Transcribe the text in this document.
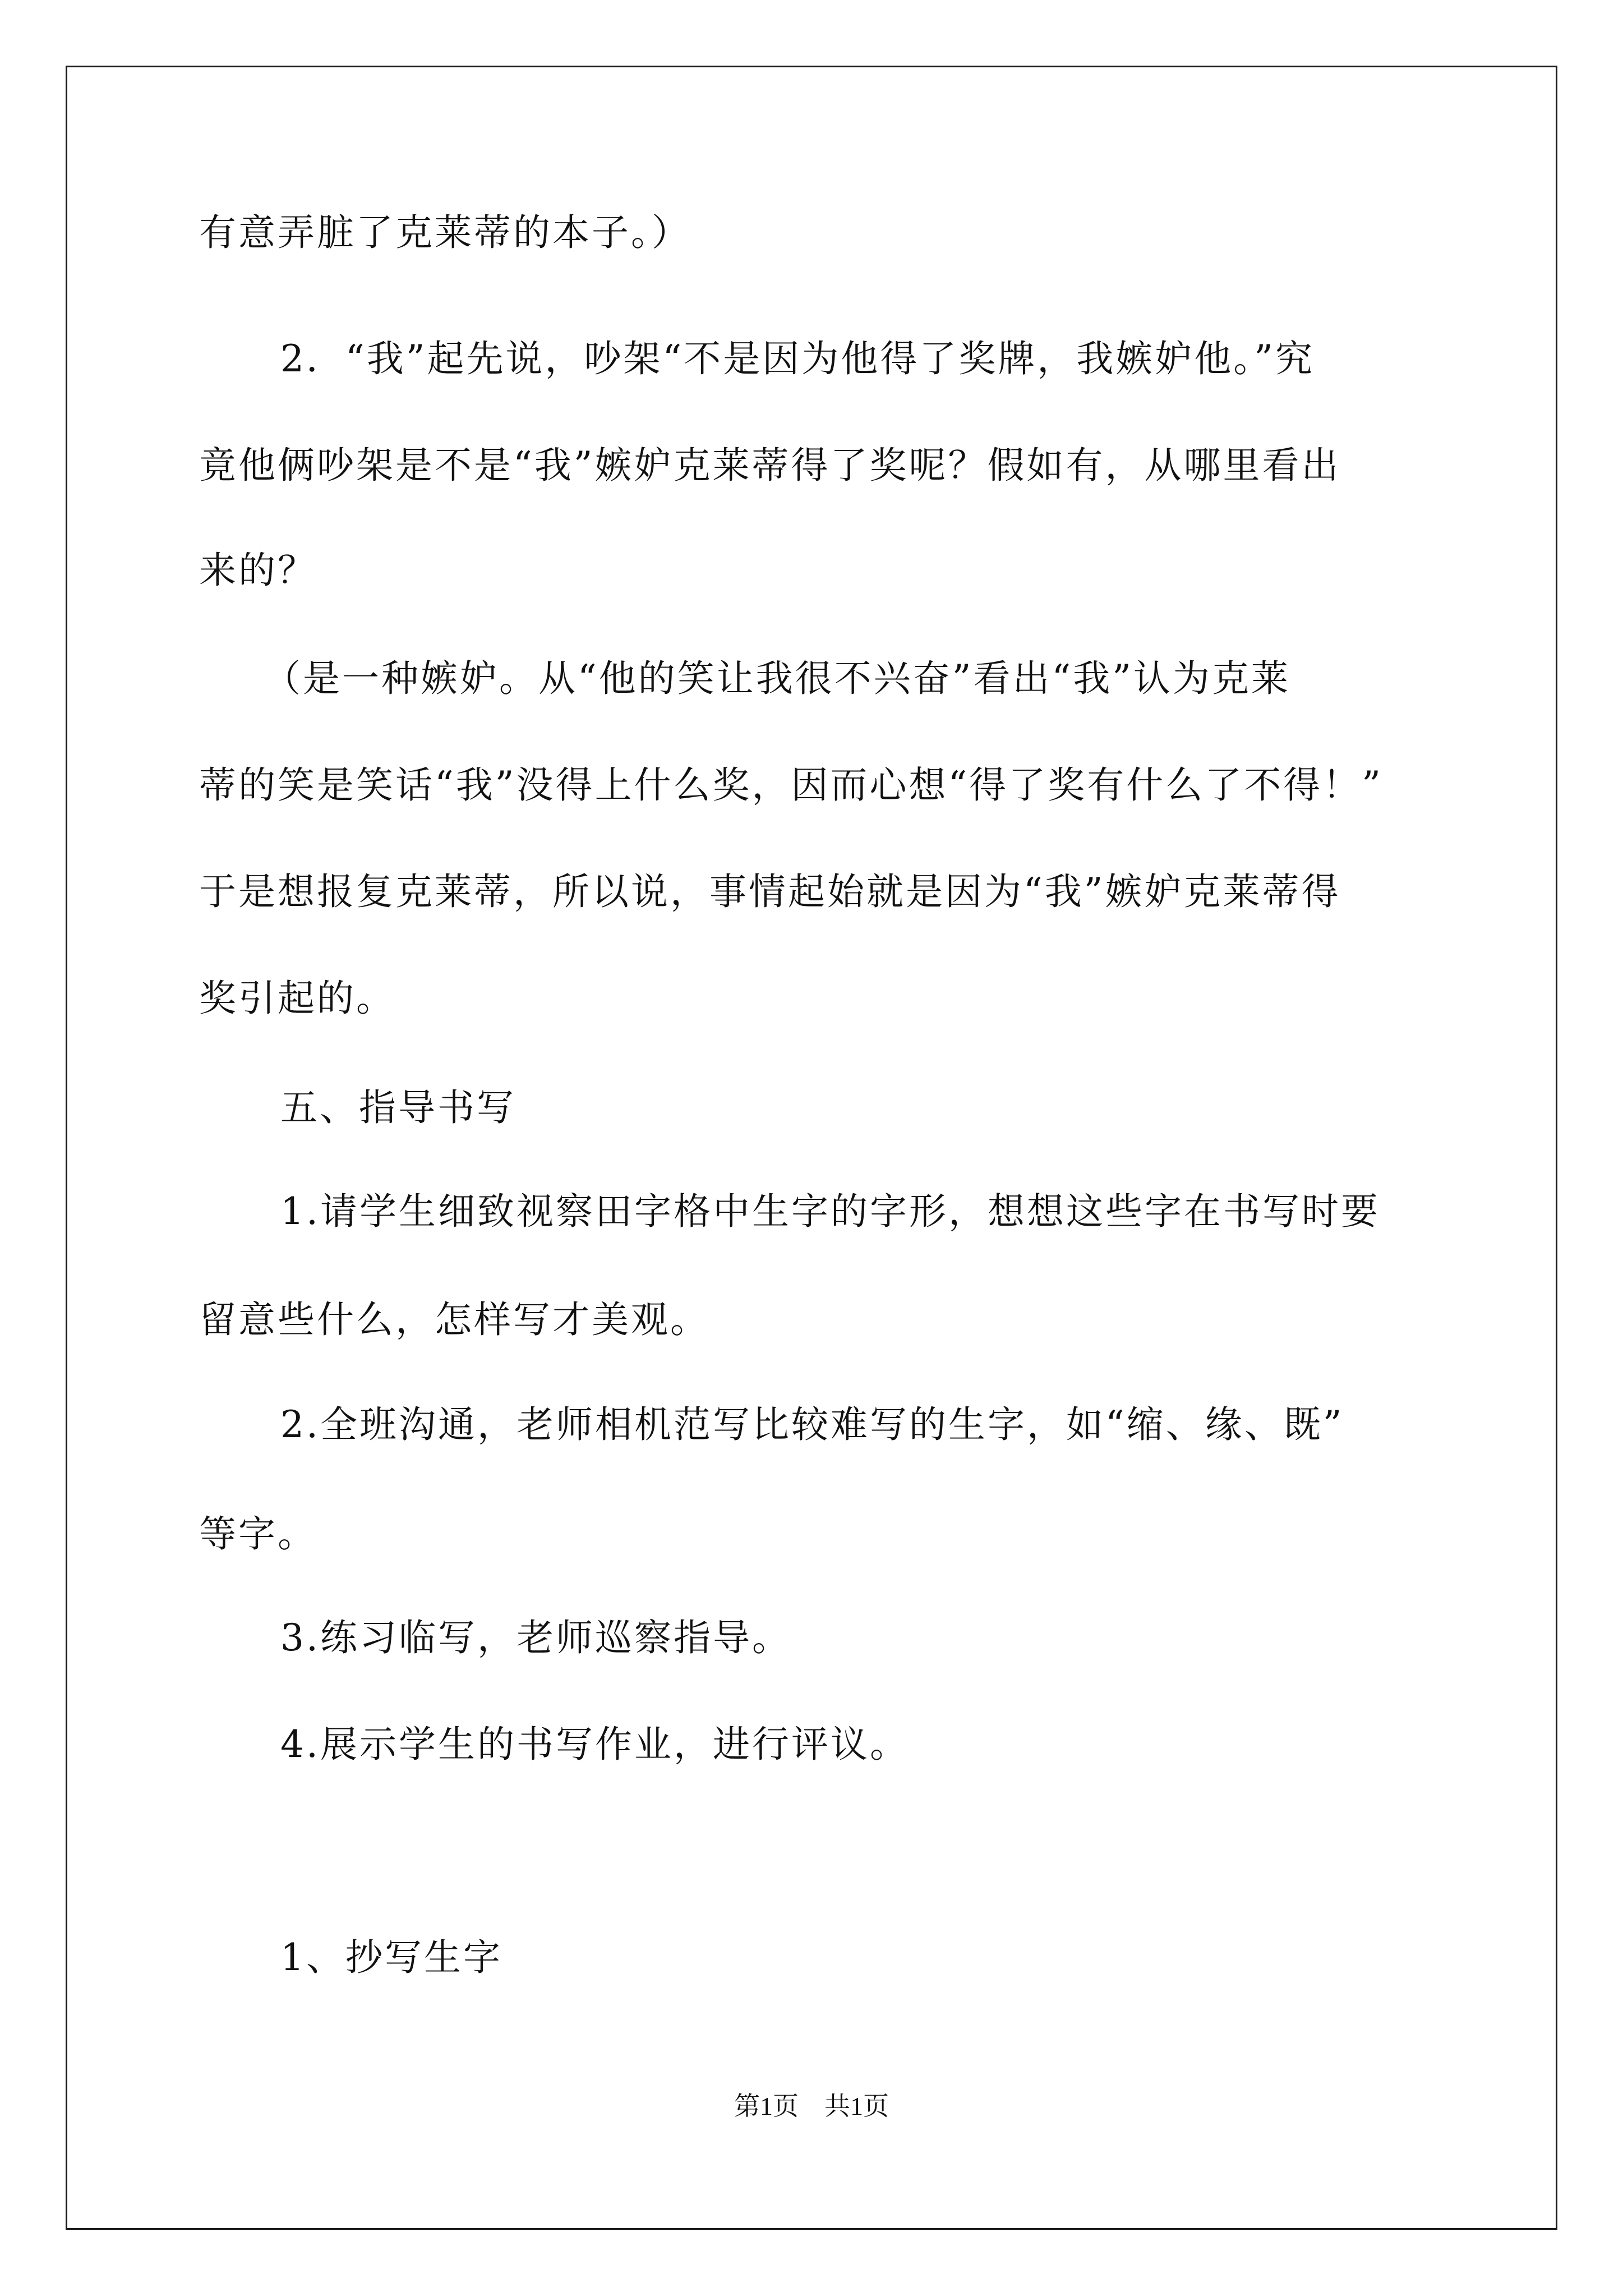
有意弄脏了克莱蒂的本子。）
2．“我”起先说，吵架“不是因为他得了奖牌，我嫉妒他。”究
竟他俩吵架是不是“我”嫉妒克莱蒂得了奖呢？假如有，从哪里看出
来的？
（是一种嫉妒。从“他的笑让我很不兴奋”看出“我”认为克莱
蒂的笑是笑话“我”没得上什么奖，因而心想“得了奖有什么了不得！”
于是想报复克莱蒂，所以说，事情起始就是因为“我”嫉妒克莱蒂得
奖引起的。
五、指导书写
1.请学生细致视察田字格中生字的字形，想想这些字在书写时要
留意些什么，怎样写才美观。
2.全班沟通，老师相机范写比较难写的生字，如“缩、缘、既”
等字。
3.练习临写，老师巡察指导。
4.展示学生的书写作业，进行评议。
1、抄写生字
第1页　共1页
